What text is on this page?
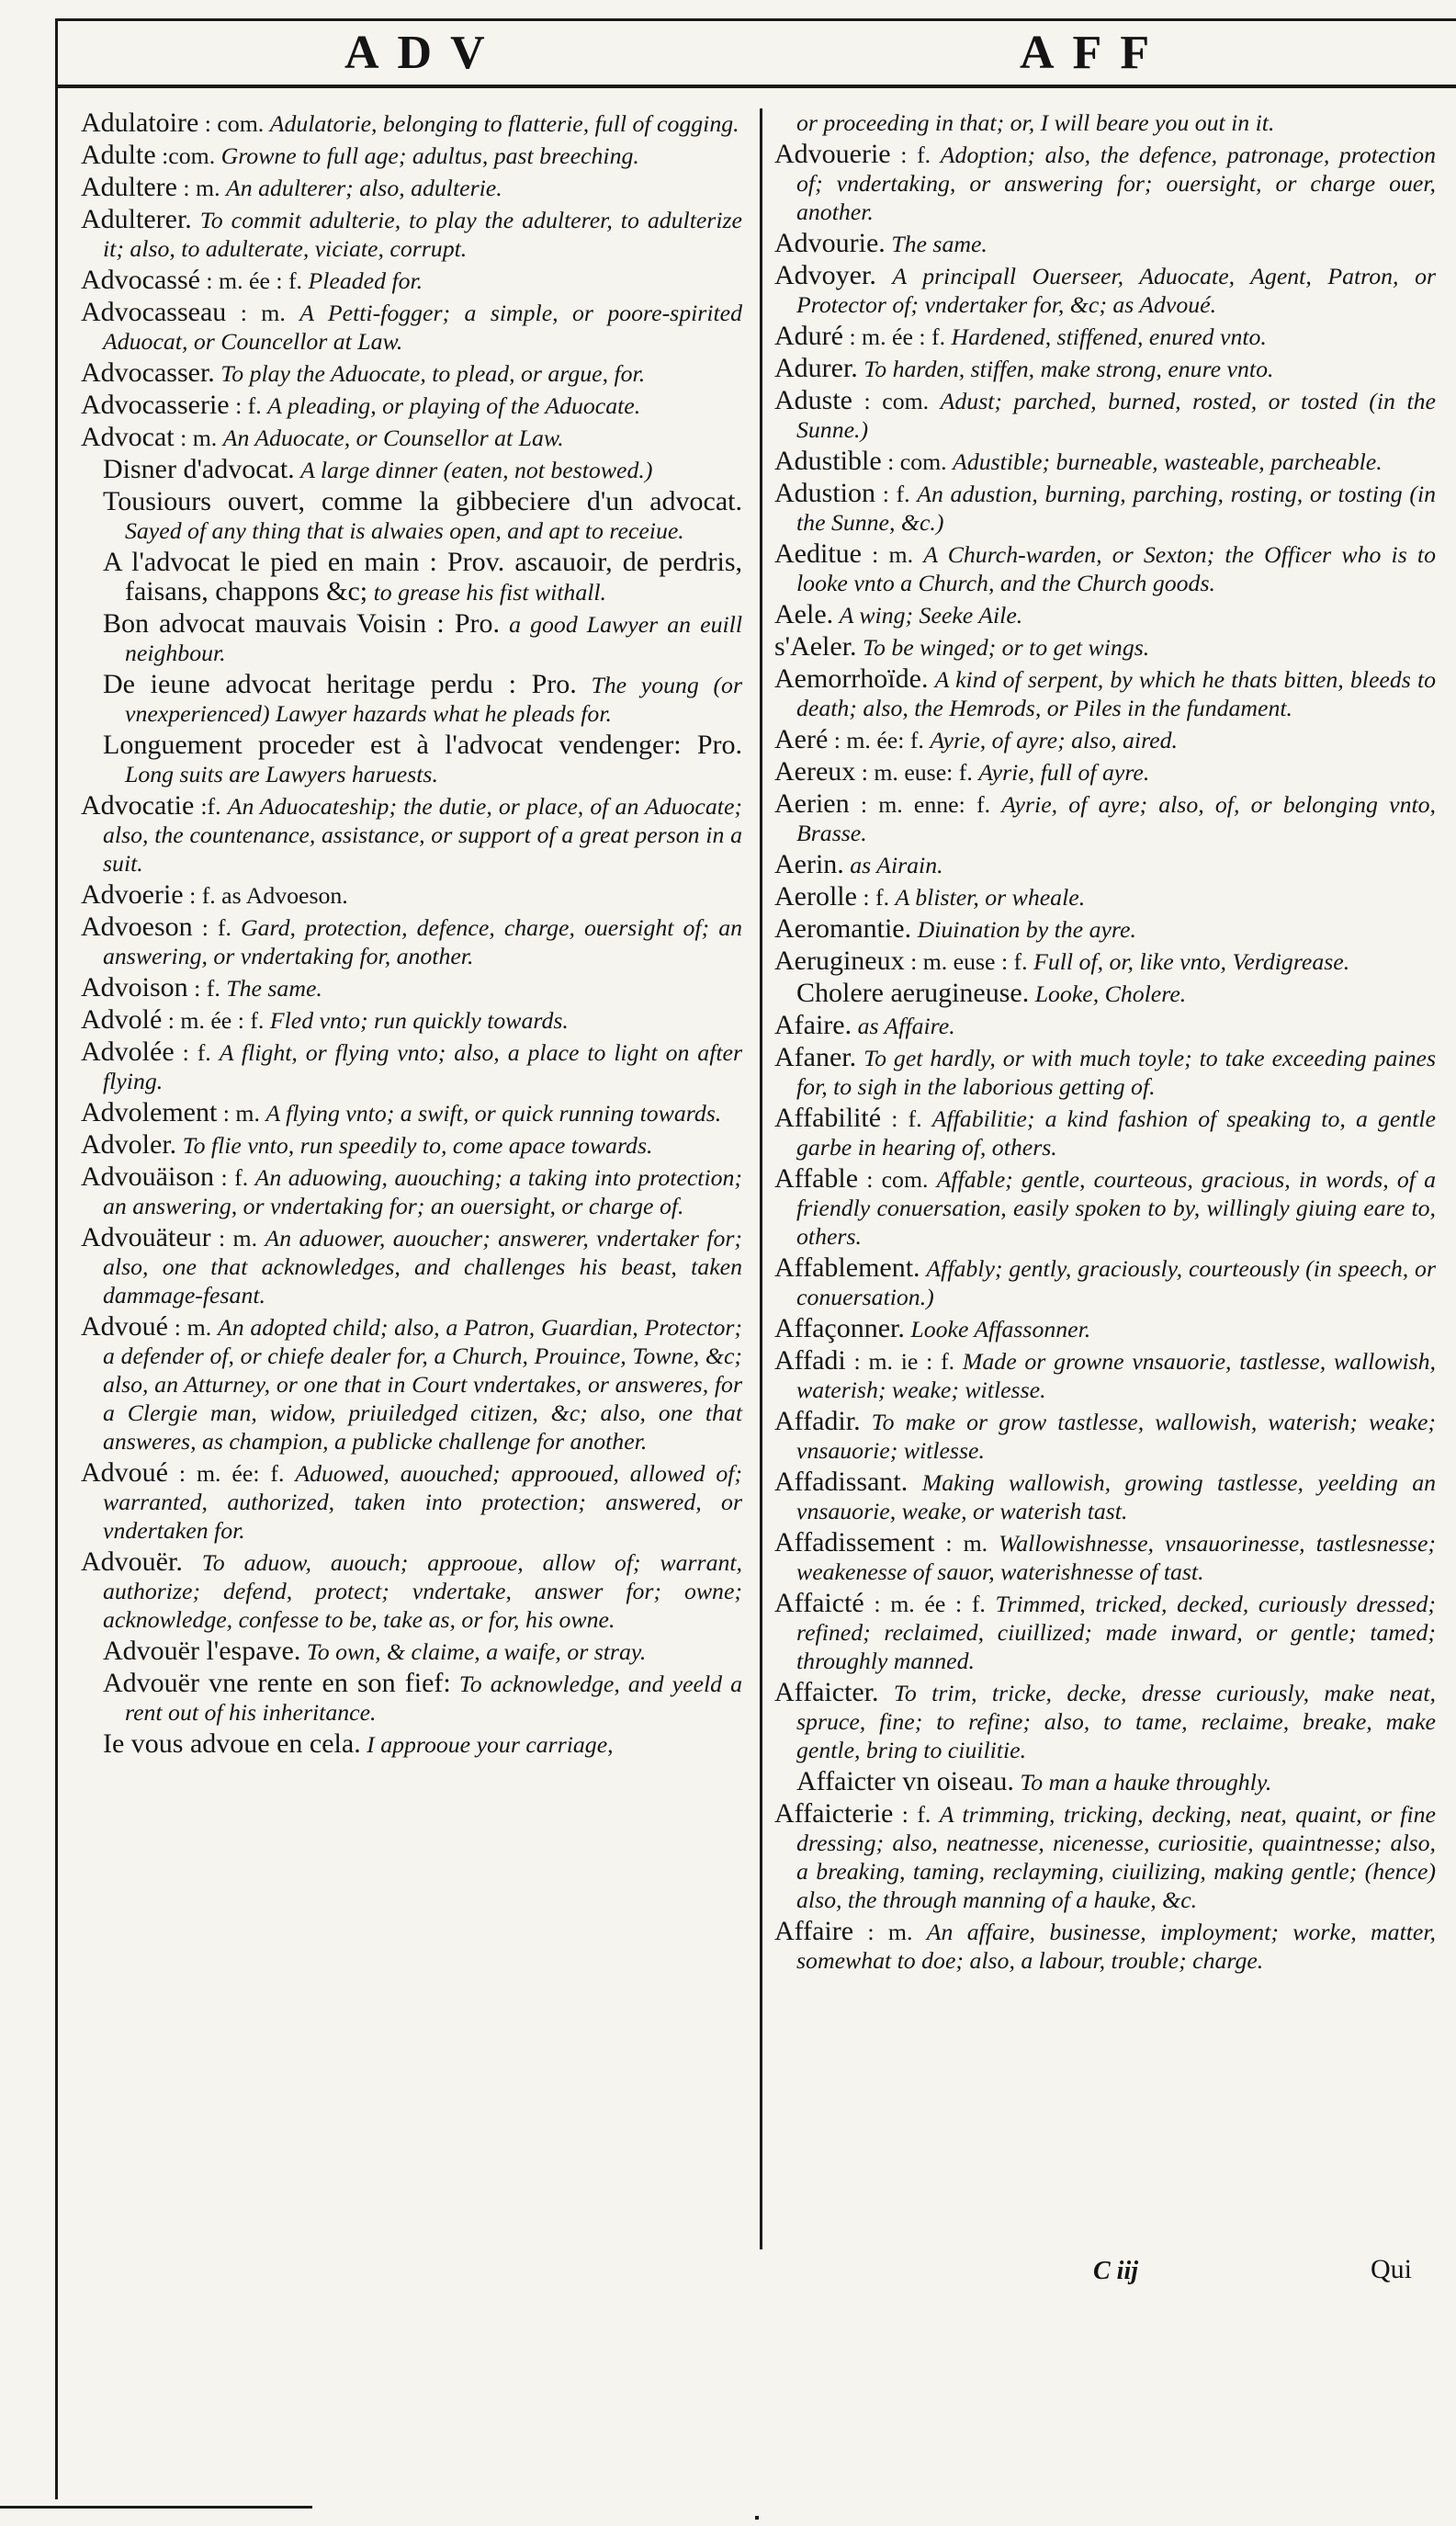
ADV	AFF

Adulatoire : com. Adulatorie, belonging to flatterie, full of cogging.

Adulte :com. Growne to full age; adultus, past breeching.

Adultere : m. An adulterer; also, adulterie.

Adulterer. To commit adulterie, to play the adulterer, to adulterize it; also, to adulterate, viciate, corrupt.

Advocassé : m. ée : f. Pleaded for.

Advocasseau : m. A Petti-fogger; a simple, or poore-spirited Aduocat, or Councellor at Law.

Advocasser. To play the Aduocate, to plead, or argue, for.

Advocasserie : f. A pleading, or playing of the Aduocate.

Advocat : m. An Aduocate, or Counsellor at Law.

Disner d'advocat. A large dinner (eaten, not bestowed.)

Tousiours ouvert, comme la gibbeciere d'un advocat. Sayed of any thing that is alwaies open, and apt to receiue.

A l'advocat le pied en main : Prov. ascauoir, de perdris, faisans, chappons &c; to grease his fist withall.

Bon advocat mauvais Voisin : Pro. a good Lawyer an euill neighbour.

De ieune advocat heritage perdu : Pro. The young (or vnexperienced) Lawyer hazards what he pleads for.

Longuement proceder est à l'advocat vendenger: Pro. Long suits are Lawyers haruests.

Advocatie :f. An Aduocateship; the dutie, or place, of an Aduocate; also, the countenance, assistance, or support of a great person in a suit.

Advoerie : f. as Advoeson.

Advoeson : f. Gard, protection, defence, charge, ouersight of; an answering, or vndertaking for, another.

Advoison : f. The same.

Advolé : m. ée : f. Fled vnto; run quickly towards.

Advolée : f. A flight, or flying vnto; also, a place to light on after flying.

Advolement : m. A flying vnto; a swift, or quick running towards.

Advoler. To flie vnto, run speedily to, come apace towards.

Advouäison : f. An aduowing, auouching; a taking into protection; an answering, or vndertaking for; an ouersight, or charge of.

Advouäteur : m. An aduower, auoucher; answerer, vndertaker for; also, one that acknowledges, and challenges his beast, taken dammage-fesant.

Advoué : m. An adopted child; also, a Patron, Guardian, Protector; a defender of, or chiefe dealer for, a Church, Prouince, Towne, &c; also, an Atturney, or one that in Court vndertakes, or answeres, for a Clergie man, widow, priuiledged citizen, &c; also, one that answeres, as champion, a publicke challenge for another.

Advoué : m. ée: f. Aduowed, auouched; approoued, allowed of; warranted, authorized, taken into protection; answered, or vndertaken for.

Advouër. To aduow, auouch; approoue, allow of; warrant, authorize; defend, protect; vndertake, answer for; owne; acknowledge, confesse to be, take as, or for, his owne.

Advouër l'espave. To own, & claime, a waife, or stray.

Advouër vne rente en son fief: To acknowledge, and yeeld a rent out of his inheritance.

Ie vous advoue en cela. I approoue your carriage,

or proceeding in that; or, I will beare you out in it.

Advouerie : f. Adoption; also, the defence, patronage, protection of; vndertaking, or answering for; ouersight, or charge ouer, another.

Advourie. The same.

Advoyer. A principall Ouerseer, Aduocate, Agent, Patron, or Protector of; vndertaker for, &c; as Advoué.

Aduré : m. ée : f. Hardened, stiffened, enured vnto.

Adurer. To harden, stiffen, make strong, enure vnto.

Aduste : com. Adust; parched, burned, rosted, or tosted (in the Sunne.)

Adustible : com. Adustible; burneable, wasteable, parcheable.

Adustion : f. An adustion, burning, parching, rosting, or tosting (in the Sunne, &c.)

Aeditue : m. A Church-warden, or Sexton; the Officer who is to looke vnto a Church, and the Church goods.

Aele. A wing; Seeke Aile.

s'Aeler. To be winged; or to get wings.

Aemorrhoïde. A kind of serpent, by which he thats bitten, bleeds to death; also, the Hemrods, or Piles in the fundament.

Aeré : m. ée: f. Ayrie, of ayre; also, aired.

Aereux : m. euse: f. Ayrie, full of ayre.

Aerien : m. enne: f. Ayrie, of ayre; also, of, or belonging vnto, Brasse.

Aerin. as Airain.

Aerolle : f. A blister, or wheale.

Aeromantie. Diuination by the ayre.

Aerugineux : m. euse : f. Full of, or, like vnto, Verdigrease.

Cholere aerugineuse. Looke, Cholere.

Afaire. as Affaire.

Afaner. To get hardly, or with much toyle; to take exceeding paines for, to sigh in the laborious getting of.

Affabilité : f. Affabilitie; a kind fashion of speaking to, a gentle garbe in hearing of, others.

Affable : com. Affable; gentle, courteous, gracious, in words, of a friendly conuersation, easily spoken to by, willingly giuing eare to, others.

Affablement. Affably; gently, graciously, courteously (in speech, or conuersation.)

Affaçonner. Looke Affassonner.

Affadi : m. ie : f. Made or growne vnsauorie, tastlesse, wallowish, waterish; weake; witlesse.

Affadir. To make or grow tastlesse, wallowish, waterish; weake; vnsauorie; witlesse.

Affadissant. Making wallowish, growing tastlesse, yeelding an vnsauorie, weake, or waterish tast.

Affadissement : m. Wallowishnesse, vnsauorinesse, tastlesnesse; weakenesse of sauor, waterishnesse of tast.

Affaicté : m. ée : f. Trimmed, tricked, decked, curiously dressed; refined; reclaimed, ciuillized; made inward, or gentle; tamed; throughly manned.

Affaicter. To trim, tricke, decke, dresse curiously, make neat, spruce, fine; to refine; also, to tame, reclaime, breake, make gentle, bring to ciuilitie.

Affaicter vn oiseau. To man a hauke throughly.

Affaicterie : f. A trimming, tricking, decking, neat, quaint, or fine dressing; also, neatnesse, nicenesse, curiositie, quaintnesse; also, a breaking, taming, reclayming, ciuilizing, making gentle; (hence) also, the through manning of a hauke, &c.

Affaire : m. An affaire, businesse, imployment; worke, matter, somewhat to doe; also, a labour, trouble; charge.

C iij	Qui
